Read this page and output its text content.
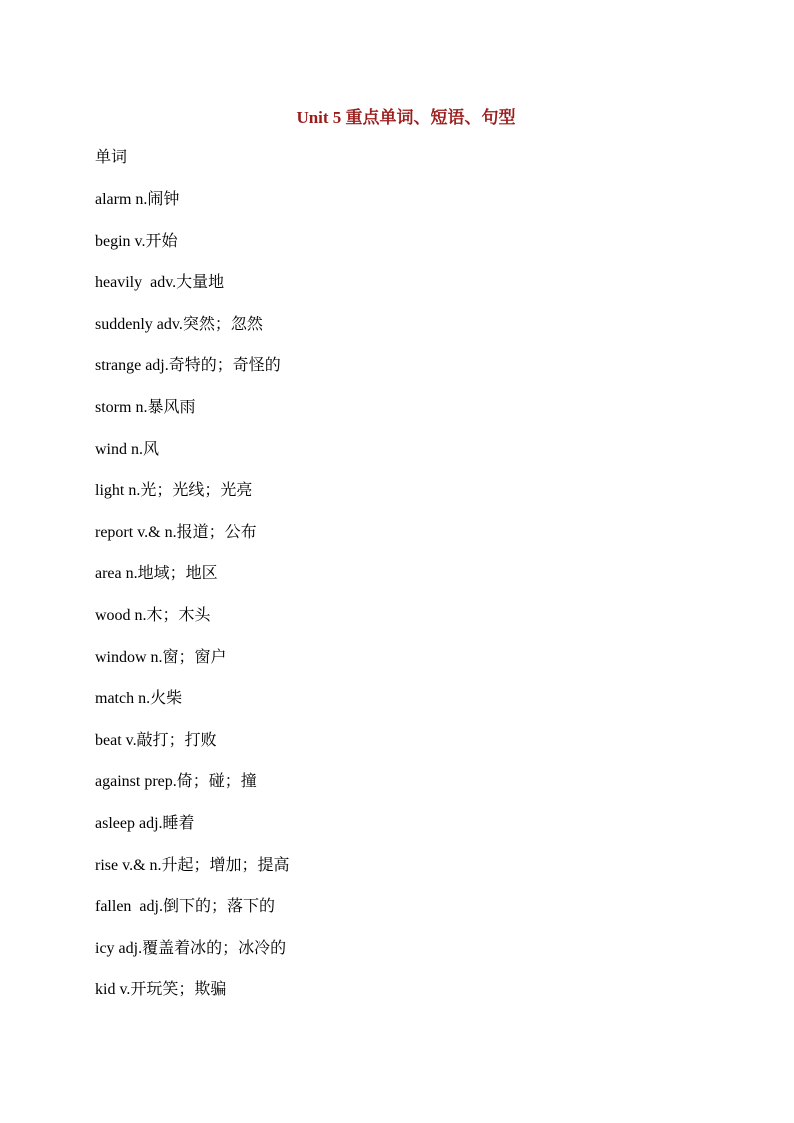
Unit 5 重点单词、短语、句型

单词

alarm n.闹钟
begin v.开始
heavily  adv.大量地
suddenly adv.突然；忽然
strange adj.奇特的；奇怪的
storm n.暴风雨
wind n.风
light n.光；光线；光亮
report v.& n.报道；公布
area n.地域；地区
wood n.木；木头
window n.窗；窗户
match n.火柴
beat v.敲打；打败
against prep.倚；碰；撞
asleep adj.睡着
rise v.& n.升起；增加；提高
fallen  adj.倒下的；落下的
icy adj.覆盖着冰的；冰冷的
kid v.开玩笑；欺骗
